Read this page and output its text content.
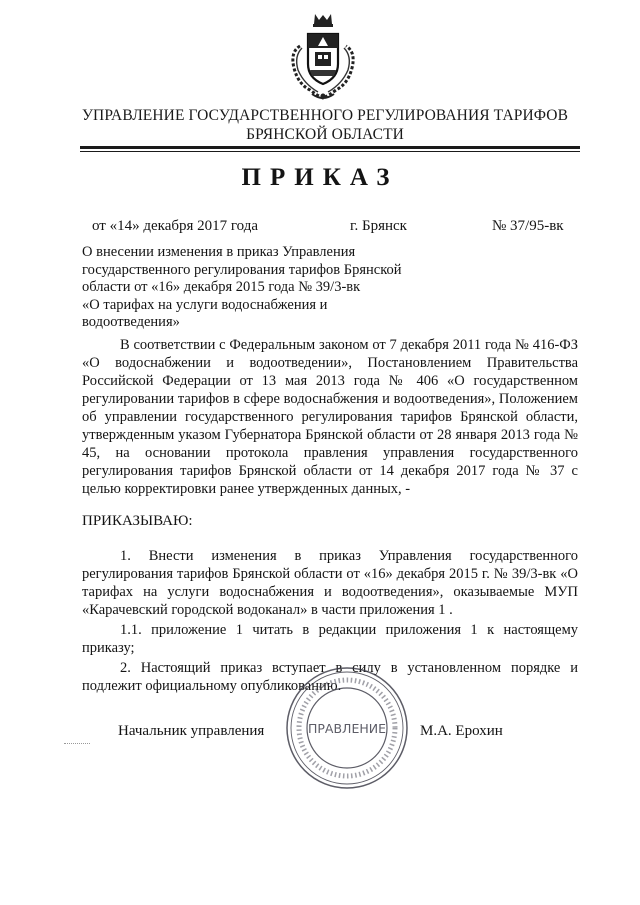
УПРАВЛЕНИЕ ГОСУДАРСТВЕННОГО РЕГУЛИРОВАНИЯ ТАРИФОВ
БРЯНСКОЙ ОБЛАСТИ
ПРИКАЗ
от «14» декабря 2017 года	г. Брянск	№ 37/95-вк
О внесении изменения в приказ Управления
государственного регулирования тарифов Брянской
области от «16» декабря 2015 года № 39/3-вк
«О тарифах на услуги водоснабжения и
водоотведения»
В соответствии с Федеральным законом от 7 декабря 2011 года № 416-ФЗ «О водоснабжении и водоотведении», Постановлением Правительства Российской Федерации от 13 мая 2013 года № 406 «О государственном регулировании тарифов в сфере водоснабжения и водоотведения», Положением об управлении государственного регулирования тарифов Брянской области, утвержденным указом Губернатора Брянской области от 28 января 2013 года № 45, на основании протокола правления управления государственного регулирования тарифов Брянской области от 14 декабря 2017 года № 37 с целью корректировки ранее утвержденных данных, -
ПРИКАЗЫВАЮ:

1. Внести изменения в приказ Управления государственного регулирования тарифов Брянской области от «16» декабря 2015 г. № 39/3-вк «О тарифах на услуги водоснабжения и водоотведения», оказываемые МУП «Карачевский городской водоканал» в части приложения 1 .

1.1. приложение 1 читать в редакции приложения 1 к настоящему приказу;

2. Настоящий приказ вступает в силу в установленном порядке и подлежит официальному опубликованию.

Начальник управления	М.А. Ерохин
ПРАВЛЕНИЕ
